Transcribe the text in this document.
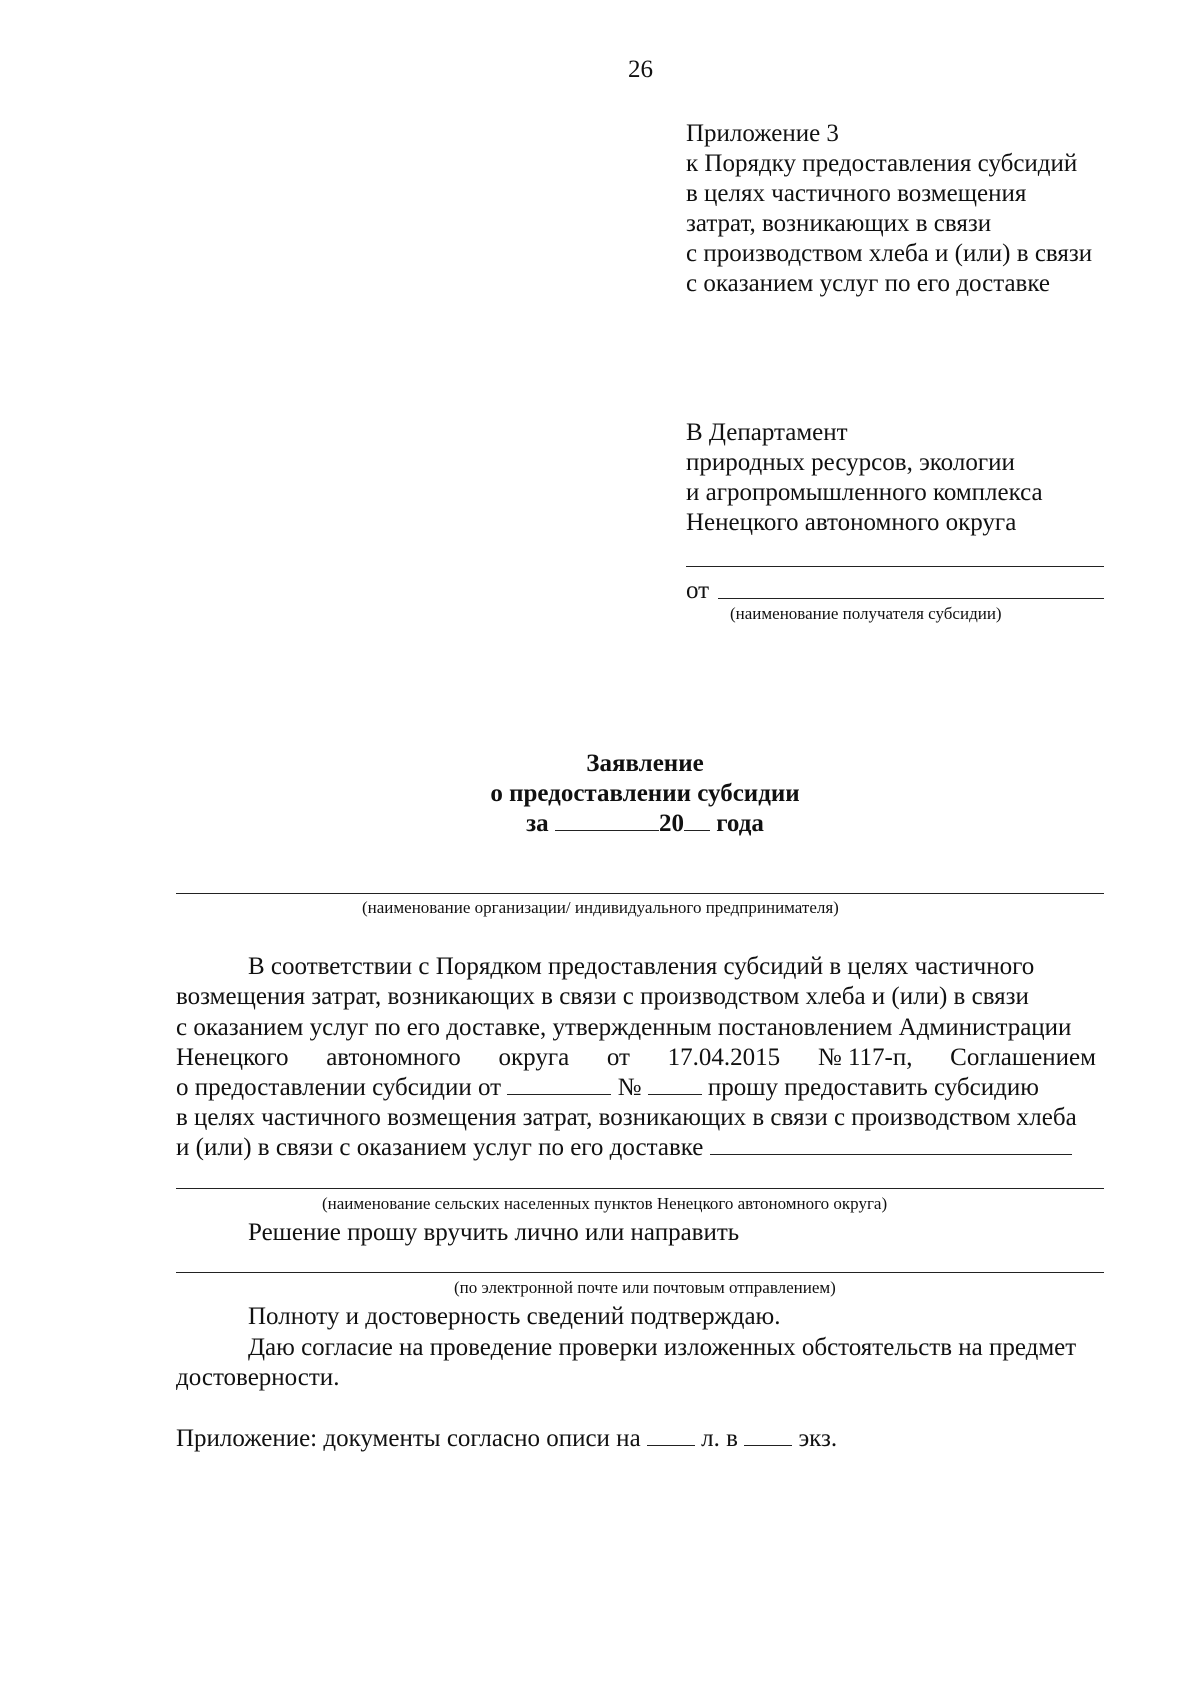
26
Приложение 3
к Порядку предоставления субсидий
в целях частичного возмещения
затрат, возникающих в связи
с производством хлеба и (или) в связи
с оказанием услуг по его доставке
В Департамент
природных ресурсов, экологии
и агропромышленного комплекса
Ненецкого автономного округа
от
(наименование получателя субсидии)
Заявление
о предоставлении субсидии
за	20 года
(наименование организации/ индивидуального предпринимателя)
В соответствии с Порядком предоставления субсидий в целях частичного
возмещения затрат, возникающих в связи с производством хлеба и (или) в связи
с оказанием услуг по его доставке, утвержденным постановлением Администрации
Ненецкого автономного округа от 17.04.2015 № 117-п, Соглашением
о предоставлении субсидии от	№	прошу предоставить субсидию
в целях частичного возмещения затрат, возникающих в связи с производством хлеба
и (или) в связи с оказанием услуг по его доставке
(наименование сельских населенных пунктов Ненецкого автономного округа)
Решение прошу вручить лично или направить
(по электронной почте или почтовым отправлением)
Полноту и достоверность сведений подтверждаю.
Даю согласие на проведение проверки изложенных обстоятельств на предмет
достоверности.
Приложение: документы согласно описи на л. в экз.
